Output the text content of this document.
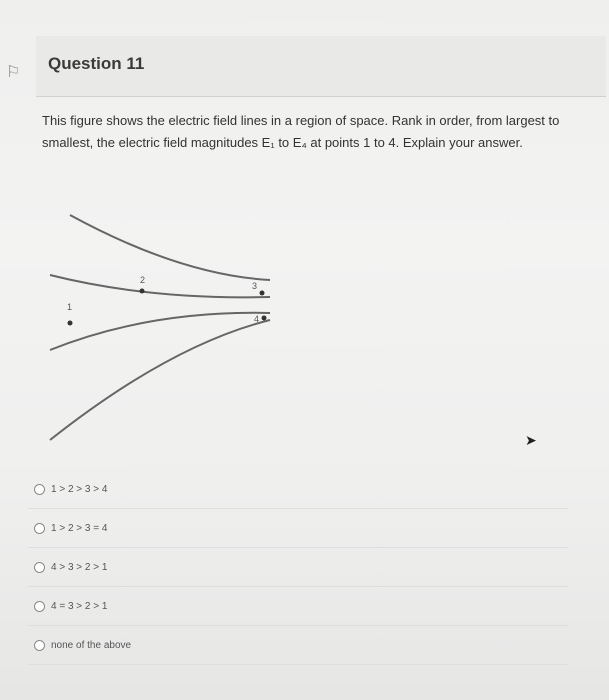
⚐ Question 11
This figure shows the electric field lines in a region of space. Rank in order, from largest to smallest, the electric field magnitudes E₁ to E₄ at points 1 to 4. Explain your answer.
1
2
3
4
1 > 2 > 3 > 4
1 > 2 > 3 = 4
4 > 3 > 2 > 1
4 = 3 > 2 > 1
none of the above
➤
